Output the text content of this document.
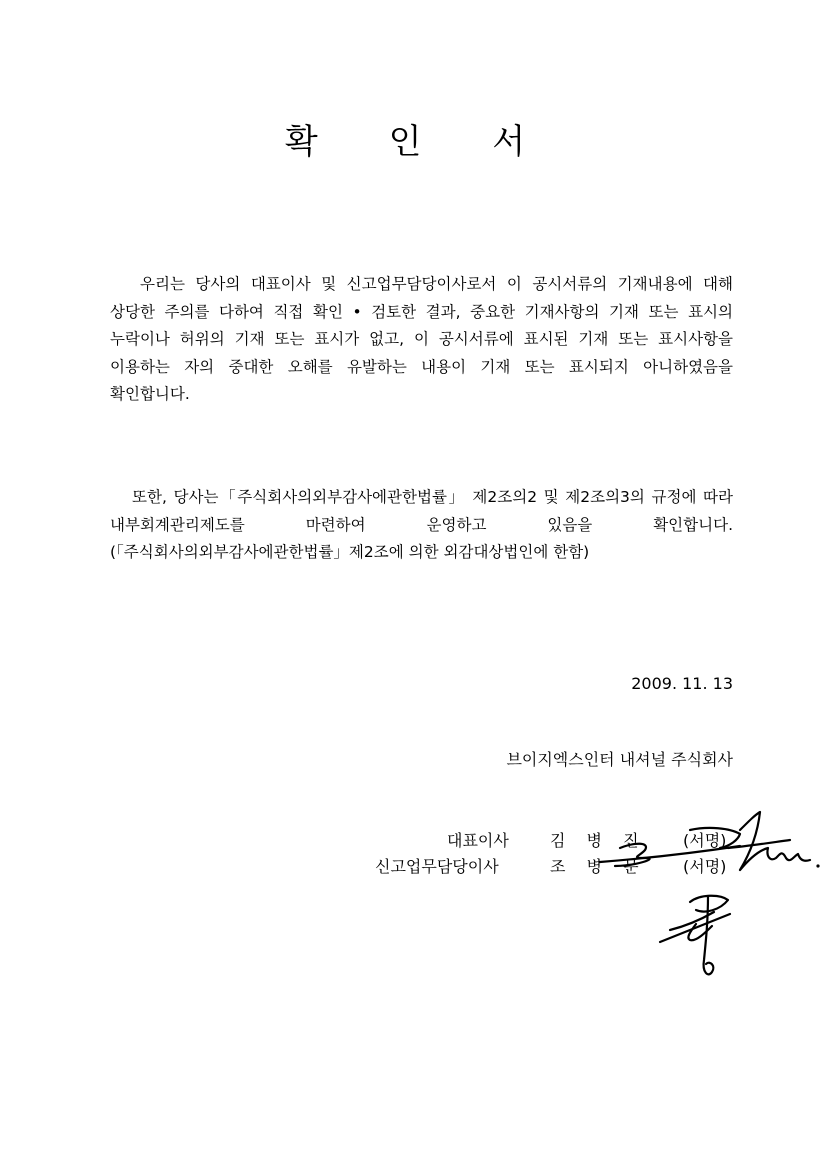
확 인 서

우리는 당사의 대표이사 및 신고업무담당이사로서 이 공시서류의 기재내용에 대해 상당한 주의를 다하여 직접 확인 • 검토한 결과, 중요한 기재사항의 기재 또는 표시의 누락이나 허위의 기재 또는 표시가 없고, 이 공시서류에 표시된 기재 또는 표시사항을 이용하는 자의 중대한 오해를 유발하는 내용이 기재 또는 표시되지 아니하였음을 확인합니다.

또한, 당사는「주식회사의외부감사에관한법률」 제2조의2 및 제2조의3의 규정에 따라 내부회계관리제도를 마련하여 운영하고 있음을 확인합니다.(「주식회사의외부감사에관한법률」제2조에 의한 외감대상법인에 한함)

2009. 11. 13
브이지엑스인터 내셔널 주식회사
대표이사	김 병 진 (서명)
신고업무담당이사	조 병 문 (서명)
